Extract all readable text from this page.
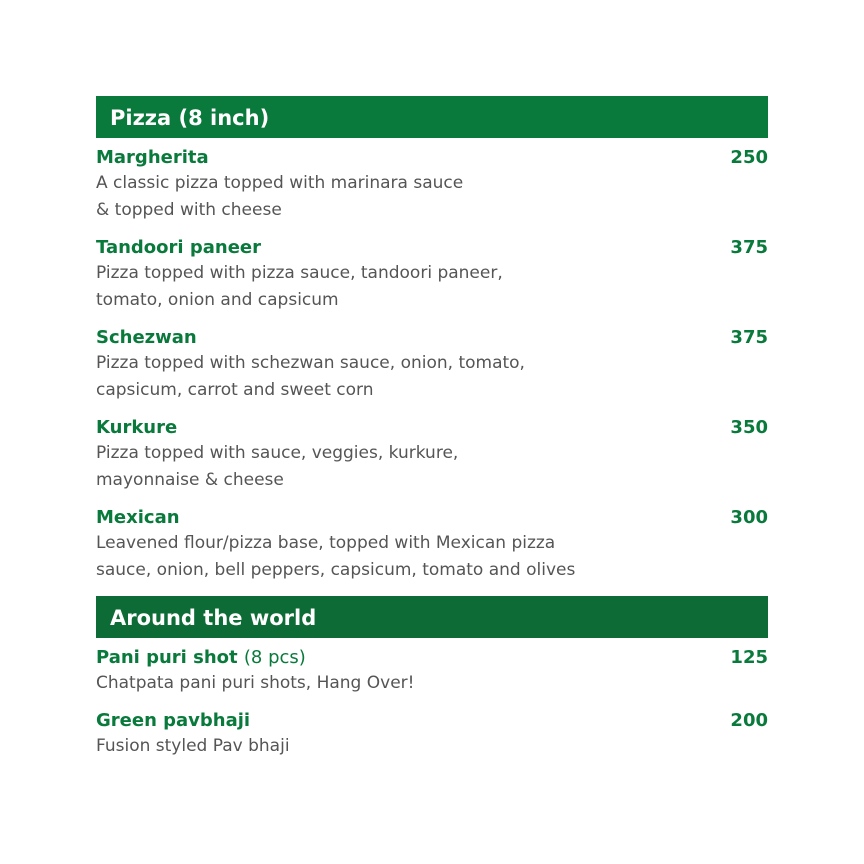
Pizza (8 inch)
Margherita	250
A classic pizza topped with marinara sauce
& topped with cheese
Tandoori paneer	375
Pizza topped with pizza sauce, tandoori paneer,
tomato, onion and capsicum
Schezwan	375
Pizza topped with schezwan sauce, onion, tomato,
capsicum, carrot and sweet corn
Kurkure	350
Pizza topped with sauce, veggies, kurkure,
mayonnaise & cheese
Mexican	300
Leavened flour/pizza base, topped with Mexican pizza
sauce, onion, bell peppers, capsicum, tomato and olives
Around the world
Pani puri shot (8 pcs)	125
Chatpata pani puri shots, Hang Over!
Green pavbhaji	200
Fusion styled Pav bhaji
